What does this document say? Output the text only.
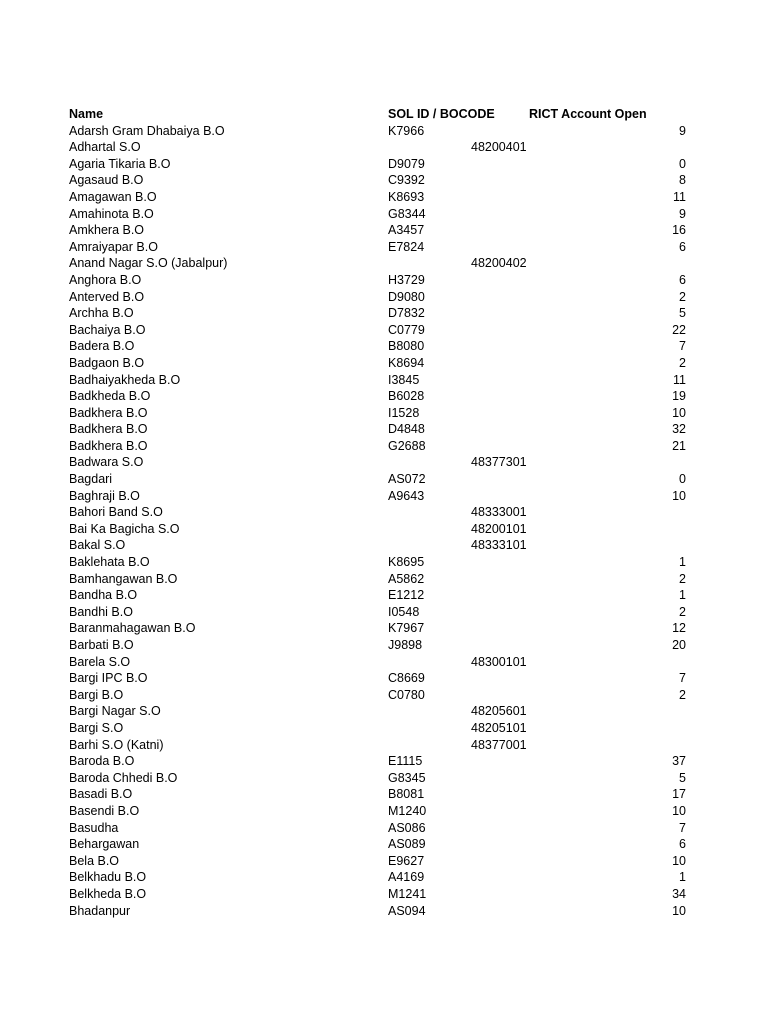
Name	SOL ID / BOCODE	RICT Account Open
Adarsh Gram Dhabaiya B.O	K7966	9
Adhartal S.O	48200401
Agaria Tikaria B.O	D9079	0
Agasaud B.O	C9392	8
Amagawan B.O	K8693	11
Amahinota B.O	G8344	9
Amkhera B.O	A3457	16
Amraiyapar B.O	E7824	6
Anand Nagar S.O (Jabalpur)	48200402
Anghora B.O	H3729	6
Anterved B.O	D9080	2
Archha B.O	D7832	5
Bachaiya B.O	C0779	22
Badera B.O	B8080	7
Badgaon B.O	K8694	2
Badhaiyakheda B.O	I3845	11
Badkheda B.O	B6028	19
Badkhera B.O	I1528	10
Badkhera B.O	D4848	32
Badkhera B.O	G2688	21
Badwara S.O	48377301
Bagdari	AS072	0
Baghraji B.O	A9643	10
Bahori Band S.O	48333001
Bai Ka Bagicha S.O	48200101
Bakal S.O	48333101
Baklehata B.O	K8695	1
Bamhangawan B.O	A5862	2
Bandha B.O	E1212	1
Bandhi B.O	I0548	2
Baranmahagawan B.O	K7967	12
Barbati B.O	J9898	20
Barela S.O	48300101
Bargi IPC B.O	C8669	7
Bargi B.O	C0780	2
Bargi Nagar S.O	48205601
Bargi S.O	48205101
Barhi S.O (Katni)	48377001
Baroda B.O	E1115	37
Baroda Chhedi B.O	G8345	5
Basadi B.O	B8081	17
Basendi B.O	M1240	10
Basudha	AS086	7
Behargawan	AS089	6
Bela B.O	E9627	10
Belkhadu B.O	A4169	1
Belkheda B.O	M1241	34
Bhadanpur	AS094	10
